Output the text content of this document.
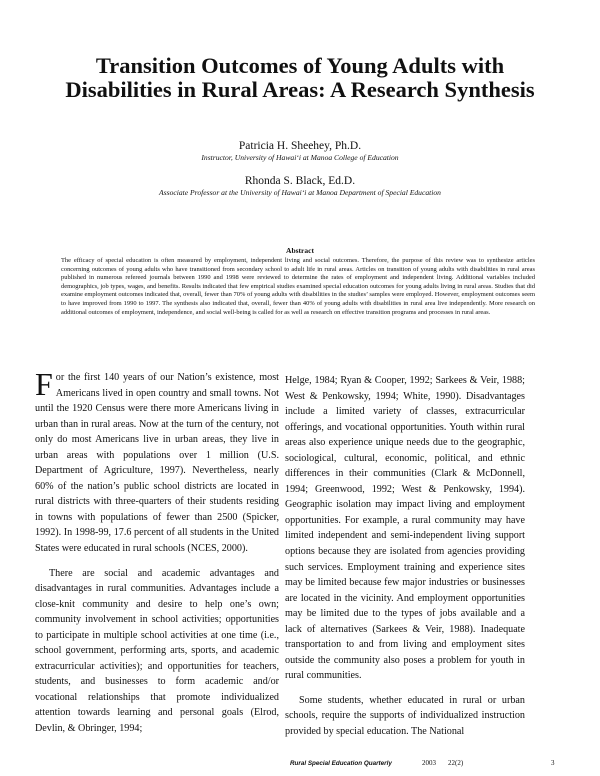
Transition Outcomes of Young Adults with Disabilities in Rural Areas: A Research Synthesis
Patricia H. Sheehey, Ph.D.
Instructor, University of Hawai‘i at Manoa College of Education
Rhonda S. Black, Ed.D.
Associate Professor at the University of Hawai‘i at Manoa Department of Special Education
Abstract

The efficacy of special education is often measured by employment, independent living and social outcomes. Therefore, the purpose of this review was to synthesize articles concerning outcomes of young adults who have transitioned from secondary school to adult life in rural areas. Articles on transition of young adults with disabilities in rural areas published in numerous refereed journals between 1990 and 1998 were reviewed to determine the rates of employment and independent living. Additional variables included demographics, job types, wages, and benefits. Results indicated that few empirical studies examined special education outcomes for young adults living in rural areas. Studies that did examine employment outcomes indicated that, overall, fewer than 70% of young adults with disabilities in the studies’ samples were employed. However, employment outcomes seem to have improved from 1990 to 1997. The synthesis also indicated that, overall, fewer than 40% of young adults with disabilities in rural area live independently. More research on additional outcomes of employment, independence, and social well-being is called for as well as research on effective transition programs and processes in rural areas.

For the first 140 years of our Nation’s existence, most Americans lived in open country and small towns. Not until the 1920 Census were there more Americans living in urban than in rural areas. Now at the turn of the century, not only do most Americans live in urban areas, they live in urban areas with populations over 1 million (U.S. Department of Agriculture, 1997). Nevertheless, nearly 60% of the nation’s public school districts are located in rural districts with three-quarters of their students residing in towns with populations of fewer than 2500 (Spicker, 1992). In 1998-99, 17.6 percent of all students in the United States were educated in rural schools (NCES, 2000).

There are social and academic advantages and disadvantages in rural communities. Advantages include a close-knit community and desire to help one’s own; community involvement in school activities; opportunities to participate in multiple school activities at one time (i.e., school government, performing arts, sports, and academic extracurricular activities); and opportunities for teachers, students, and businesses to form academic and/or vocational relationships that promote individualized attention towards learning and personal goals (Elrod, Devlin, & Obringer, 1994;

Helge, 1984; Ryan & Cooper, 1992; Sarkees & Veir, 1988; West & Penkowsky, 1994; White, 1990). Disadvantages include a limited variety of classes, extracurricular offerings, and vocational opportunities. Youth within rural areas also experience unique needs due to the geographic, sociological, cultural, economic, political, and ethnic differences in their communities (Clark & McDonnell, 1994; Greenwood, 1992; West & Penkowsky, 1994). Geographic isolation may impact living and employment opportunities. For example, a rural community may have limited independent and semi-independent living support options because they are isolated from agencies providing such services. Employment training and experience sites may be limited because few major industries or businesses are located in the vicinity. And employment opportunities may be limited due to the types of jobs available and a lack of alternatives (Sarkees & Veir, 1988). Inadequate transportation to and from living and employment sites outside the community also poses a problem for youth in rural communities.

Some students, whether educated in rural or urban schools, require the supports of individualized instruction provided by special education. The National

Rural Special Education Quarterly	2003 22(2)	3
